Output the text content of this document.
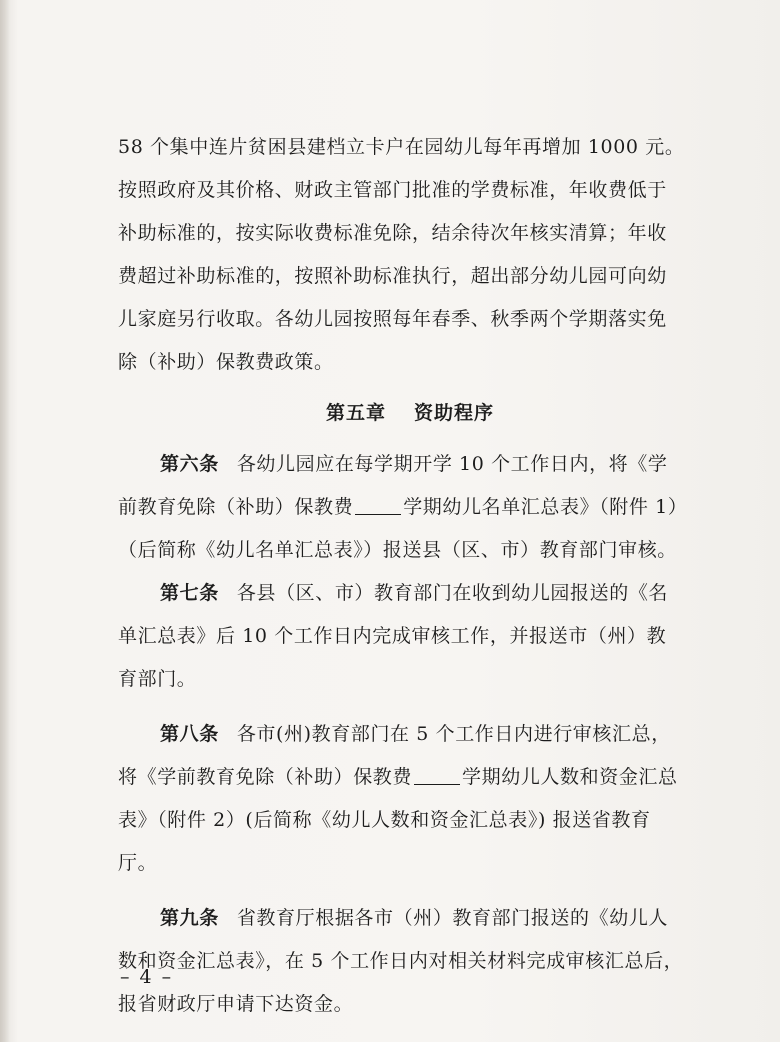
58 个集中连片贫困县建档立卡户在园幼儿每年再增加 1000 元。
按照政府及其价格、财政主管部门批准的学费标准，年收费低于
补助标准的，按实际收费标准免除，结余待次年核实清算；年收
费超过补助标准的，按照补助标准执行，超出部分幼儿园可向幼
儿家庭另行收取。各幼儿园按照每年春季、秋季两个学期落实免
除（补助）保教费政策。
第五章 资助程序
第六条 各幼儿园应在每学期开学 10 个工作日内，将《学
前教育免除（补助）保教费	学期幼儿名单汇总表》（附件 1）
（后简称《幼儿名单汇总表》）报送县（区、市）教育部门审核。
第七条 各县（区、市）教育部门在收到幼儿园报送的《名
单汇总表》后 10 个工作日内完成审核工作，并报送市（州）教
育部门。
第八条 各市(州)教育部门在 5 个工作日内进行审核汇总，
将《学前教育免除（补助）保教费	学期幼儿人数和资金汇总
表》（附件 2）(后简称《幼儿人数和资金汇总表》) 报送省教育
厅。
第九条 省教育厅根据各市（州）教育部门报送的《幼儿人
数和资金汇总表》，在 5 个工作日内对相关材料完成审核汇总后，
报省财政厅申请下达资金。
– 4 –
